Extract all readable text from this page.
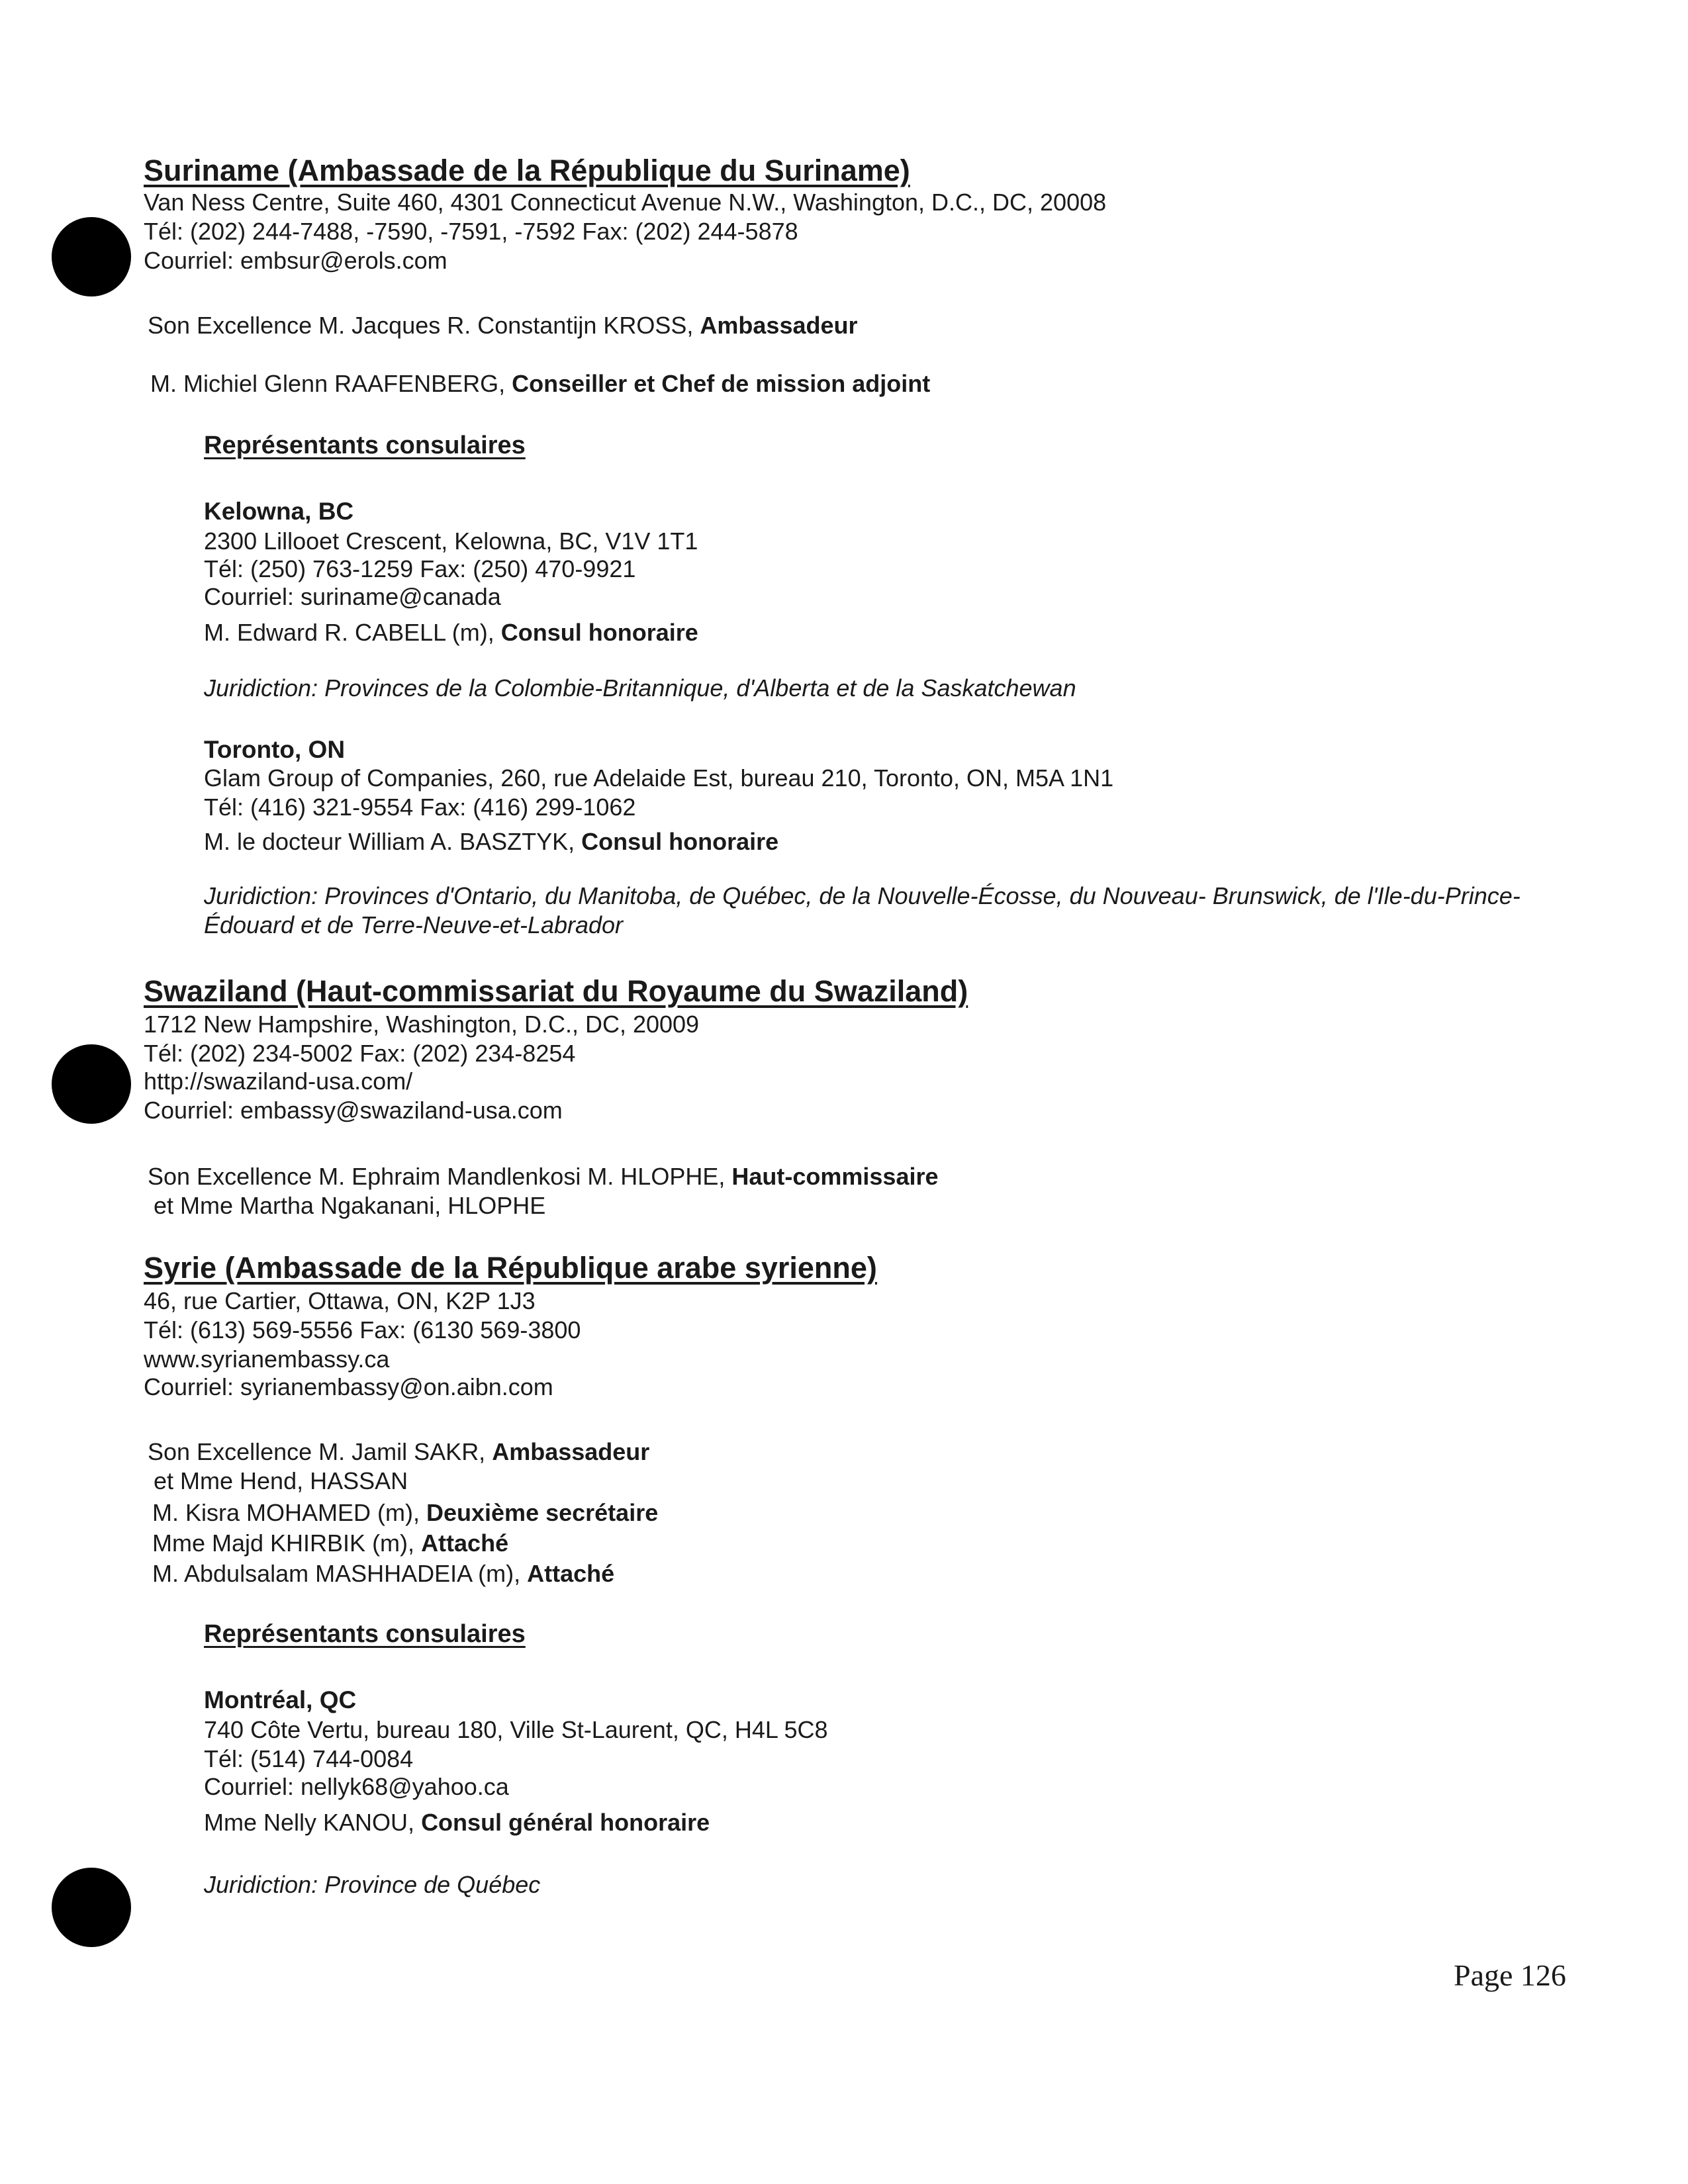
Suriname (Ambassade de la République du Suriname)
Van Ness Centre, Suite 460, 4301 Connecticut Avenue N.W., Washington, D.C., DC, 20008
Tél: (202) 244-7488, -7590, -7591, -7592 Fax: (202) 244-5878
Courriel: embsur@erols.com
Son Excellence M. Jacques R. Constantijn KROSS, Ambassadeur
M. Michiel Glenn RAAFENBERG, Conseiller et Chef de mission adjoint
Représentants consulaires
Kelowna, BC
2300 Lillooet Crescent, Kelowna, BC, V1V 1T1
Tél: (250) 763-1259 Fax: (250) 470-9921
Courriel: suriname@canada
M. Edward R. CABELL (m), Consul honoraire
Juridiction: Provinces de la Colombie-Britannique, d'Alberta et de la Saskatchewan
Toronto, ON
Glam Group of Companies, 260, rue Adelaide Est, bureau 210, Toronto, ON, M5A 1N1
Tél: (416) 321-9554 Fax: (416) 299-1062
M. le docteur William A. BASZTYK, Consul honoraire
Juridiction: Provinces d'Ontario, du Manitoba, de Québec, de la Nouvelle-Écosse, du Nouveau- Brunswick, de l'Ile-du-Prince-Édouard et de Terre-Neuve-et-Labrador
Swaziland (Haut-commissariat du Royaume du Swaziland)
1712 New Hampshire, Washington, D.C., DC, 20009
Tél: (202) 234-5002 Fax: (202) 234-8254
http://swaziland-usa.com/
Courriel: embassy@swaziland-usa.com
Son Excellence M. Ephraim Mandlenkosi M. HLOPHE, Haut-commissaire
et Mme Martha Ngakanani, HLOPHE
Syrie (Ambassade de la République arabe syrienne)
46, rue Cartier, Ottawa, ON, K2P 1J3
Tél: (613) 569-5556 Fax: (6130 569-3800
www.syrianembassy.ca
Courriel: syrianembassy@on.aibn.com
Son Excellence M. Jamil SAKR, Ambassadeur
et Mme Hend, HASSAN
M. Kisra MOHAMED (m), Deuxième secrétaire
Mme Majd KHIRBIK (m), Attaché
M. Abdulsalam MASHHADEIA (m), Attaché
Représentants consulaires
Montréal, QC
740 Côte Vertu, bureau 180, Ville St-Laurent, QC, H4L 5C8
Tél: (514) 744-0084
Courriel: nellyk68@yahoo.ca
Mme Nelly KANOU, Consul général honoraire
Juridiction: Province de Québec
Page 126
